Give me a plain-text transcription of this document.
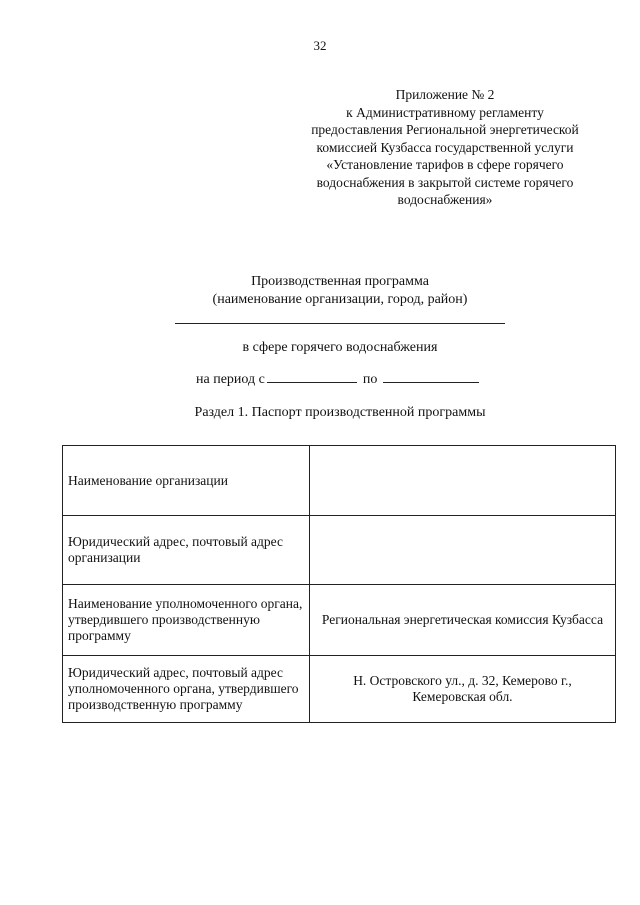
32
Приложение № 2
к Административному регламенту
предоставления Региональной энергетической
комиссией Кузбасса государственной услуги
«Установление тарифов в сфере горячего
водоснабжения в закрытой системе горячего
водоснабжения»
Производственная программа
(наименование организации, город, район)
в сфере горячего водоснабжения
на период с	по
Раздел 1. Паспорт производственной программы
Наименование организации	
Юридический адрес, почтовый адрес организации	
Наименование уполномоченного органа, утвердившего производственную программу	Региональная энергетическая комиссия Кузбасса
Юридический адрес, почтовый адрес уполномоченного органа, утвердившего производственную программу	Н. Островского ул., д. 32, Кемерово г., Кемеровская обл.
